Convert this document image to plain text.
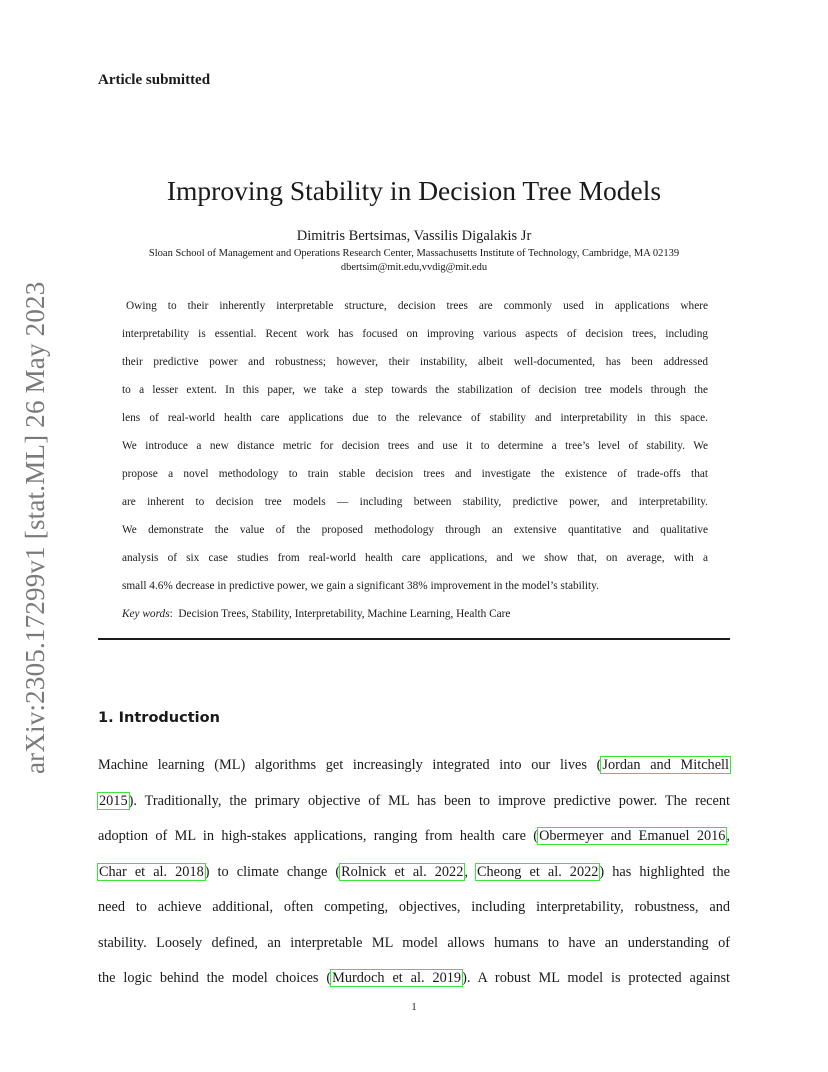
arXiv:2305.17299v1 [stat.ML] 26 May 2023
Article submitted
Improving Stability in Decision Tree Models
Dimitris Bertsimas, Vassilis Digalakis Jr
Sloan School of Management and Operations Research Center, Massachusetts Institute of Technology, Cambridge, MA 02139
dbertsim@mit.edu,vvdig@mit.edu
Owing to their inherently interpretable structure, decision trees are commonly used in applications where
interpretability is essential. Recent work has focused on improving various aspects of decision trees, including
their predictive power and robustness; however, their instability, albeit well-documented, has been addressed
to a lesser extent. In this paper, we take a step towards the stabilization of decision tree models through the
lens of real-world health care applications due to the relevance of stability and interpretability in this space.
We introduce a new distance metric for decision trees and use it to determine a tree’s level of stability. We
propose a novel methodology to train stable decision trees and investigate the existence of trade-offs that
are inherent to decision tree models — including between stability, predictive power, and interpretability.
We demonstrate the value of the proposed methodology through an extensive quantitative and qualitative
analysis of six case studies from real-world health care applications, and we show that, on average, with a
small 4.6% decrease in predictive power, we gain a significant 38% improvement in the model’s stability.
Key words: Decision Trees, Stability, Interpretability, Machine Learning, Health Care
1. Introduction
Machine learning (ML) algorithms get increasingly integrated into our lives (Jordan and Mitchell
2015). Traditionally, the primary objective of ML has been to improve predictive power. The recent
adoption of ML in high-stakes applications, ranging from health care (Obermeyer and Emanuel 2016,
Char et al. 2018) to climate change (Rolnick et al. 2022, Cheong et al. 2022) has highlighted the
need to achieve additional, often competing, objectives, including interpretability, robustness, and
stability. Loosely defined, an interpretable ML model allows humans to have an understanding of
the logic behind the model choices (Murdoch et al. 2019). A robust ML model is protected against
1
